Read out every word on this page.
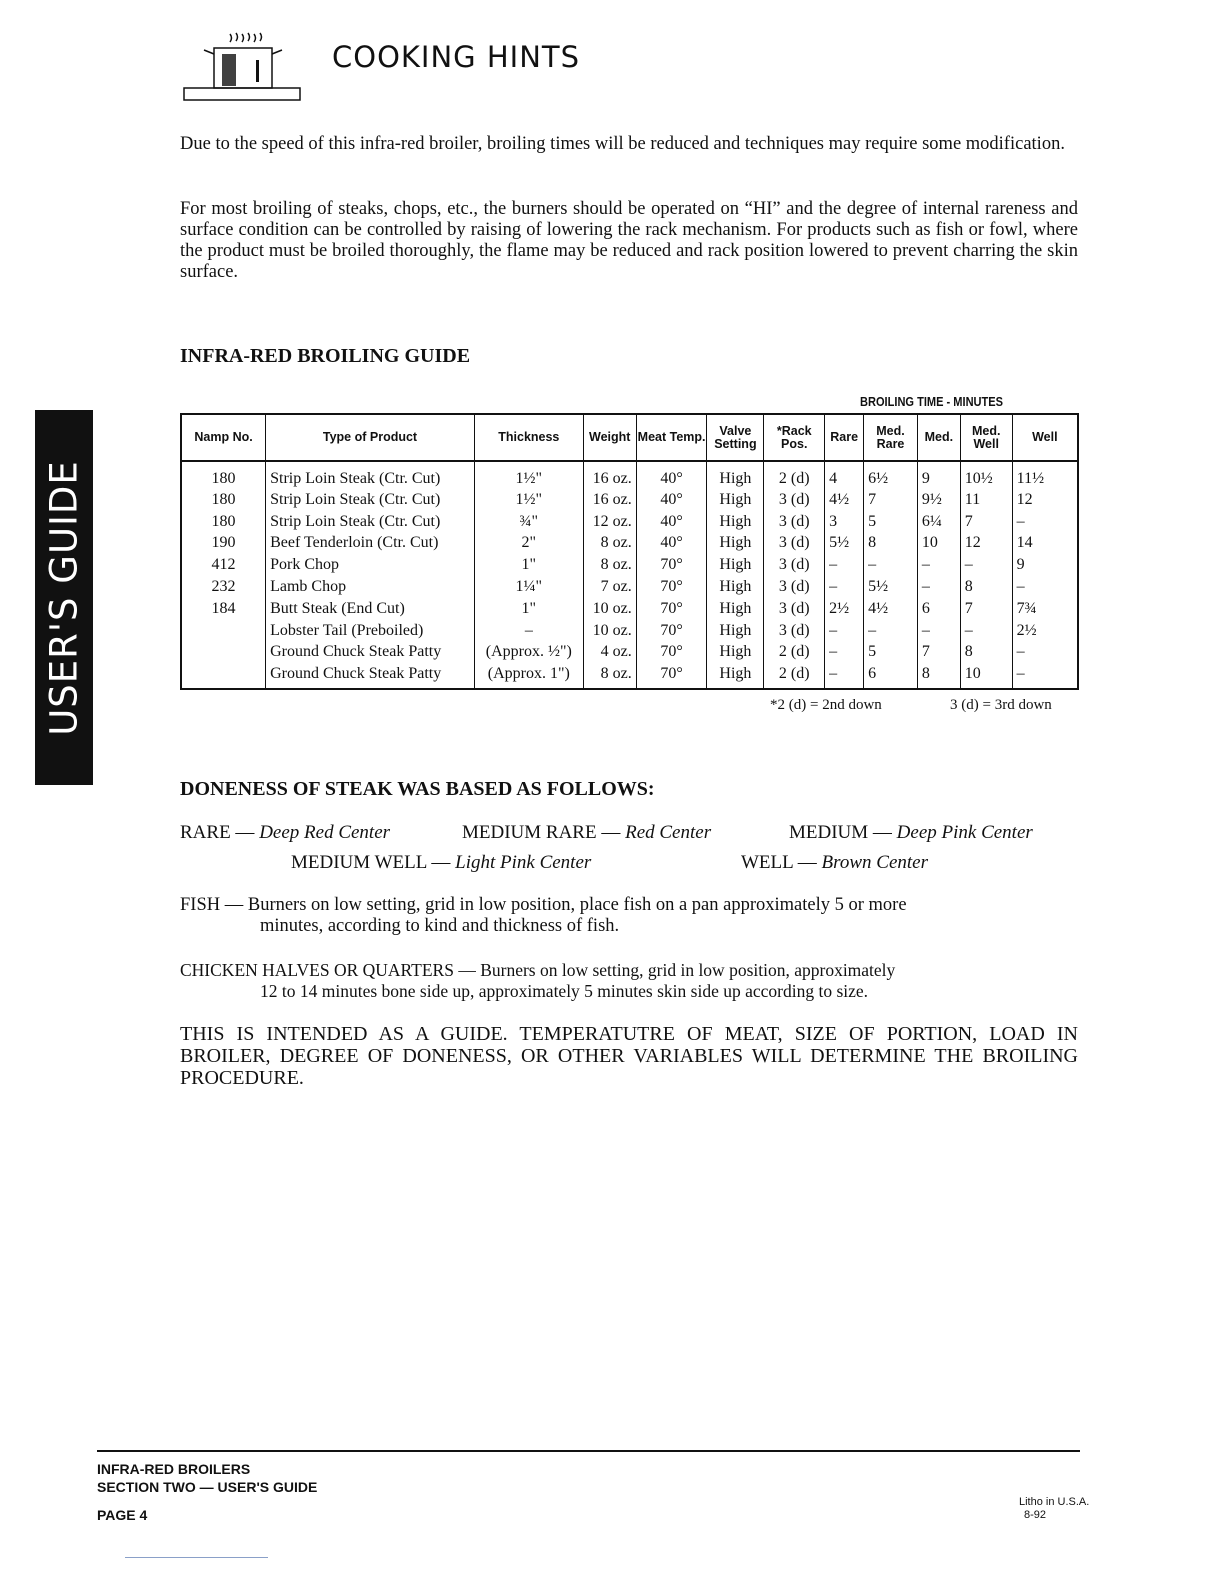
COOKING HINTS
Due to the speed of this infra-red broiler, broiling times will be reduced and techniques may require some modification.
For most broiling of steaks, chops, etc., the burners should be operated on “HI” and the degree of internal rareness and surface condition can be controlled by raising of lowering the rack mechanism. For products such as fish or fowl, where the product must be broiled thoroughly, the flame may be reduced and rack position lowered to prevent charring the skin surface.
USER'S GUIDE
INFRA-RED BROILING GUIDE
BROILING TIME - MINUTES
Namp No.	Type of Product	Thickness	Weight	Meat Temp.	Valve Setting	*Rack Pos.	Rare	Med. Rare	Med.	Med. Well	Well
180	Strip Loin Steak (Ctr. Cut)	1½"	16 oz.	40°	High	2 (d)	4	6½	9	10½	11½
180	Strip Loin Steak (Ctr. Cut)	1½"	16 oz.	40°	High	3 (d)	4½	7	9½	11	12
180	Strip Loin Steak (Ctr. Cut)	¾"	12 oz.	40°	High	3 (d)	3	5	6¼	7	–
190	Beef Tenderloin (Ctr. Cut)	2"	8 oz.	40°	High	3 (d)	5½	8	10	12	14
412	Pork Chop	1"	8 oz.	70°	High	3 (d)	–	–	–	–	9
232	Lamb Chop	1¼"	7 oz.	70°	High	3 (d)	–	5½	–	8	–
184	Butt Steak (End Cut)	1"	10 oz.	70°	High	3 (d)	2½	4½	6	7	7¾
	Lobster Tail (Preboiled)	–	10 oz.	70°	High	3 (d)	–	–	–	–	2½
	Ground Chuck Steak Patty	(Approx. ½")	4 oz.	70°	High	2 (d)	–	5	7	8	–
	Ground Chuck Steak Patty	(Approx. 1")	8 oz.	70°	High	2 (d)	–	6	8	10	–
*2 (d) = 2nd down	3 (d) = 3rd down
DONENESS OF STEAK WAS BASED AS FOLLOWS:
RARE — Deep Red Center	MEDIUM RARE — Red Center	MEDIUM — Deep Pink Center
MEDIUM WELL — Light Pink Center	WELL — Brown Center
FISH — Burners on low setting, grid in low position, place fish on a pan approximately 5 or more
minutes, according to kind and thickness of fish.
CHICKEN HALVES OR QUARTERS — Burners on low setting, grid in low position, approximately
12 to 14 minutes bone side up, approximately 5 minutes skin side up according to size.
THIS IS INTENDED AS A GUIDE. TEMPERATUTRE OF MEAT, SIZE OF PORTION, LOAD IN BROILER, DEGREE OF DONENESS, OR OTHER VARIABLES WILL DETERMINE THE BROILING PROCEDURE.
INFRA-RED BROILERS
SECTION TWO — USER'S GUIDE
PAGE 4
Litho in U.S.A.
8-92
